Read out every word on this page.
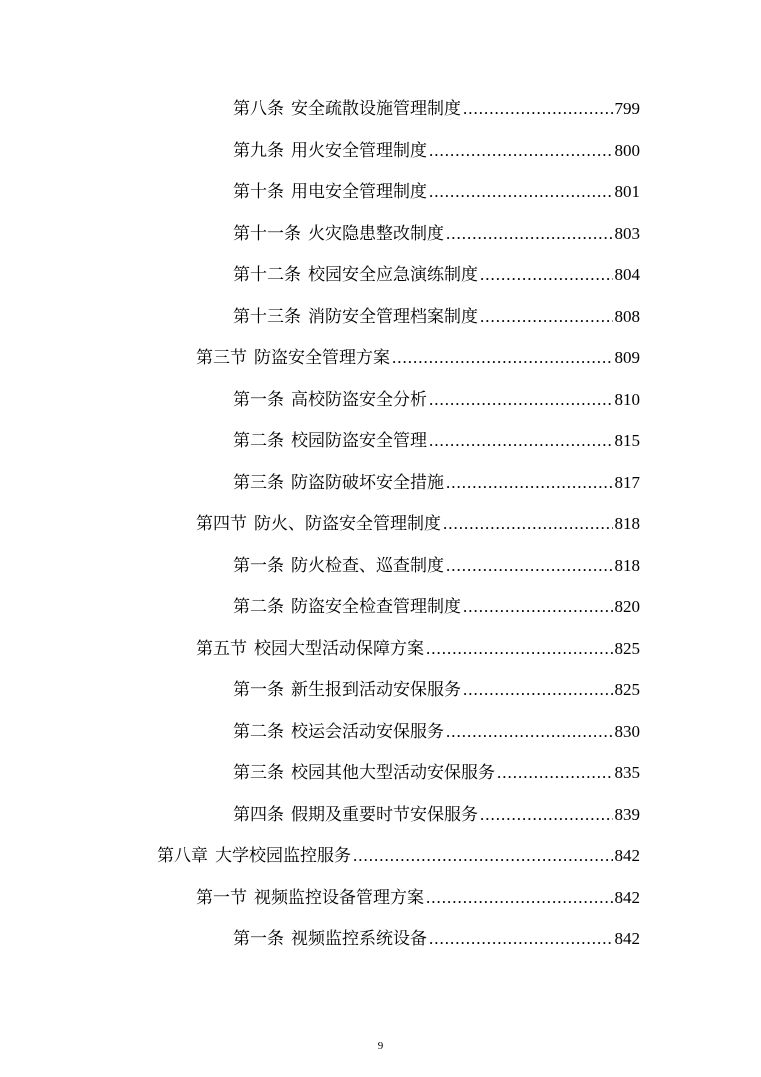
第八条 安全疏散设施管理制度 .....	799
第九条 用火安全管理制度 .....	800
第十条 用电安全管理制度 .....	801
第十一条 火灾隐患整改制度 .....	803
第十二条 校园安全应急演练制度 .....	804
第十三条 消防安全管理档案制度 .....	808
第三节 防盗安全管理方案 .....	809
第一条 高校防盗安全分析 .....	810
第二条 校园防盗安全管理 .....	815
第三条 防盗防破坏安全措施 .....	817
第四节 防火、防盗安全管理制度 .....	818
第一条 防火检查、巡查制度 .....	818
第二条 防盗安全检查管理制度 .....	820
第五节 校园大型活动保障方案 .....	825
第一条 新生报到活动安保服务 .....	825
第二条 校运会活动安保服务 .....	830
第三条 校园其他大型活动安保服务 .....	835
第四条 假期及重要时节安保服务 .....	839
第八章 大学校园监控服务 .....	842
第一节 视频监控设备管理方案 .....	842
第一条 视频监控系统设备 .....	842
9
